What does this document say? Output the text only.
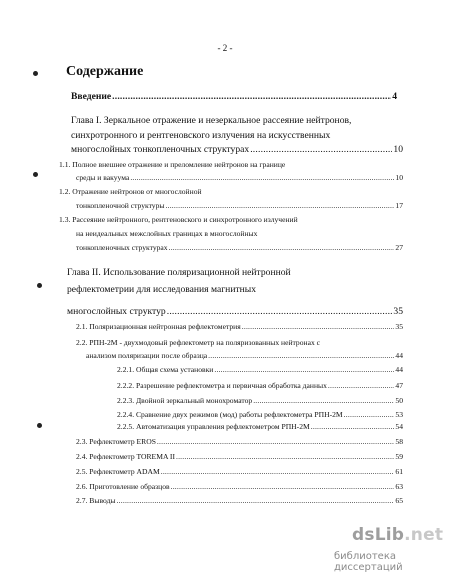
- 2 -
Содержание
Введение .....	4
Глава I. Зеркальное отражение и незеркальное рассеяние нейтронов,
синхротронного и рентгеновского излучения на искусственных
многослойных тонкопленочных структурах .....	10
1.1. Полное внешнее отражение и преломление нейтронов на границе
среды и вакуума .....	10
1.2. Отражение нейтронов от многослойной
тонкопленочной структуры .....	17
1.3. Рассеяние нейтронного, рентгеновского и синхротронного излучений
на неидеальных межслойных границах в многослойных
тонкопленочных структурах .....	27
Глава II. Использование поляризационной нейтронной
рефлектометрии для исследования магнитных
многослойных структур .....	35
2.1. Поляризационная нейтронная рефлектометрия .....	35
2.2. РПН-2М - двухмодовый рефлектометр на поляризованных нейтронах с
анализом поляризации после образца .....	44
2.2.1. Общая схема установки .....	44
2.2.2. Разрешение рефлектометра и первичная обработка данных .....	47
2.2.3. Двойной зеркальный монохроматор .....	50
2.2.4. Сравнение двух режимов (мод) работы рефлектометра РПН-2М .....	53
2.2.5. Автоматизация управления рефлектометром РПН-2М .....	54
2.3. Рефлектометр EROS .....	58
2.4. Рефлектометр TOREMA II .....	59
2.5. Рефлектометр ADAM .....	61
2.6. Приготовление образцов .....	63
2.7. Выводы .....	65
dsLib.net
библиотека диссертаций
